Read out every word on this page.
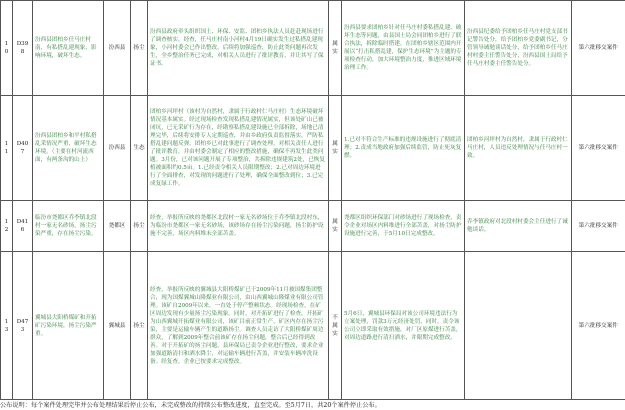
10	D398	汾西县团柏乡任马庄村南，有私搭乱建现象，影响环境，破坏生态。	汾西县	扬尘	汾西县政府牵头组织国土、环保、安监、团柏乡执法人员赶赴现场进行了调查核实。经查，任马庄村南小河村4月19日确实发生过私搭乱建现象，小河村委会已作出整改，后续将加强巡查，防止此类问题再次发生，全乡整治任务已完成，对相关人员进行了批评教育，并让其写了保证书。	属实	汾西县要求团柏乡针对任马庄村委私搭乱建、破坏生态等问题，由县国土局会同团柏乡进行了联合执法，拆除临时搭建，在团柏乡辖区范围内开展以“打击私搭乱建，保护生态环境”为主题的专项检查行动，加大环境整治力度，推进区域环境治理工作。	汾西县纪委给予团柏乡任马庄村党支部书记警告处分，给予团柏乡党委副书记，分管领导诫勉谈话处分，给予团柏乡任马庄村村委主任警告处分，汾西县国土局给予任马庄村委主任警告处分。	第六批移交案件
11	D407	汾西县团柏乡和平村私搭乱采情况严重，破坏生态环境。（主要在村河流西面，有两条沟的山上）	汾西县	生态	团柏乡河坪村（该村为自然村，隶属于行政村仁马庄村）生态环境破坏情况基本属实。经过现场检查发现私搭乱建情况属实，但该处矿山已被闭坑，已无采矿行为存在，经勘察私搭乱建设施已全部拆除，场地已清理完毕，后续将安排专人定期巡查，并由乡政府负责监督落实，严防私搭乱建问题反弹。团柏乡已对此事进行了调查处理，对相关责任人进行了批评教育，并由村委会制定了相应的整改措施，确保不再发生此类问题。3月份，已对该问题开展了专项整治，共拆除违规建筑2处，已恢复植被面积约0.5亩。1.已经责令相关人员限期整改；2.已对周边环境进行了全面排查，对发现的问题进行了处理，确保全面整改到位；3.已完成复绿工作。	属实	1.已对不符合生产标准的违规设施进行了彻底清理；2.责成当地政府加强后续监管，防止死灰复燃。	团柏乡河坪村为自然村，隶属于行政村仁马庄村，人员违反处理情况与任马庄村一致。	第六批移交案件
12	D416	临汾市尧都区乔李镇北段村一家无名砂场，扬尘污染严重，存在扬尘污染。	尧都区	扬尘	经查，举报所反映的尧都区北段村一家无名砂场位于乔李镇北段村东，为临汾市尧都区一家无名砂场，该砂场存在扬尘污染问题，扬尘防护设施不完善，场区内料堆未全部苫盖。	属实	尧都区组织环保部门对砂场进行了现场检查，责令企业对场区内料堆进行全部苫盖，对扬尘防护设施进行完善，于5月10日完成整改。	乔李镇政府对北段村村委会主任进行了诫勉谈话。	第六批移交案件
13	D473	翼城县大阳桥煤矿和开拓矿污染环境，扬尘污染严重。	翼城县	扬尘	经查，举报所反映的翼城县大阳桥煤矿已于2009年11月被国煤集团整合，现为国煤翼城山隆煤业有限公司，由山西翼城山隆煤业有限公司管理。该矿自2009年以来，一直处于停产整顿状态。经现场检查，在矿区周边发现有少量扬尘污染现象。同时，对开拓矿进行了检查，开拓矿为山西翼城开拓煤业有限公司，该矿目前正常生产，矿区内存在扬尘污染，主要是运输车辆产生的道路扬尘。调查人员走访了大阳桥煤矿周边群众，了解到2009年整合前该矿存在扬尘问题，整合后已经得到改善。对于开拓矿的扬尘问题，县环保局已责令企业进行整改，要求企业加强道路清扫和洒水降尘，对运输车辆进行苫盖，并安装车辆冲洗设备。经复查，企业已按要求完成整改。	不属实	5月6日，翼城县环保局对该公司环境违法行为立案处理，罚款3万元经济处罚，同时，责令该公司立即采取有效措施，对厂区原煤进行苫盖，对周边道路进行清扫洒水，并限期完成整改。		第六批移交案件
公布说明：每个案件处理完毕并公布处理结果后停止公布，未完成整改的持续公布整改进度，直至完成。至5月7日，共20个案件停止公布。
